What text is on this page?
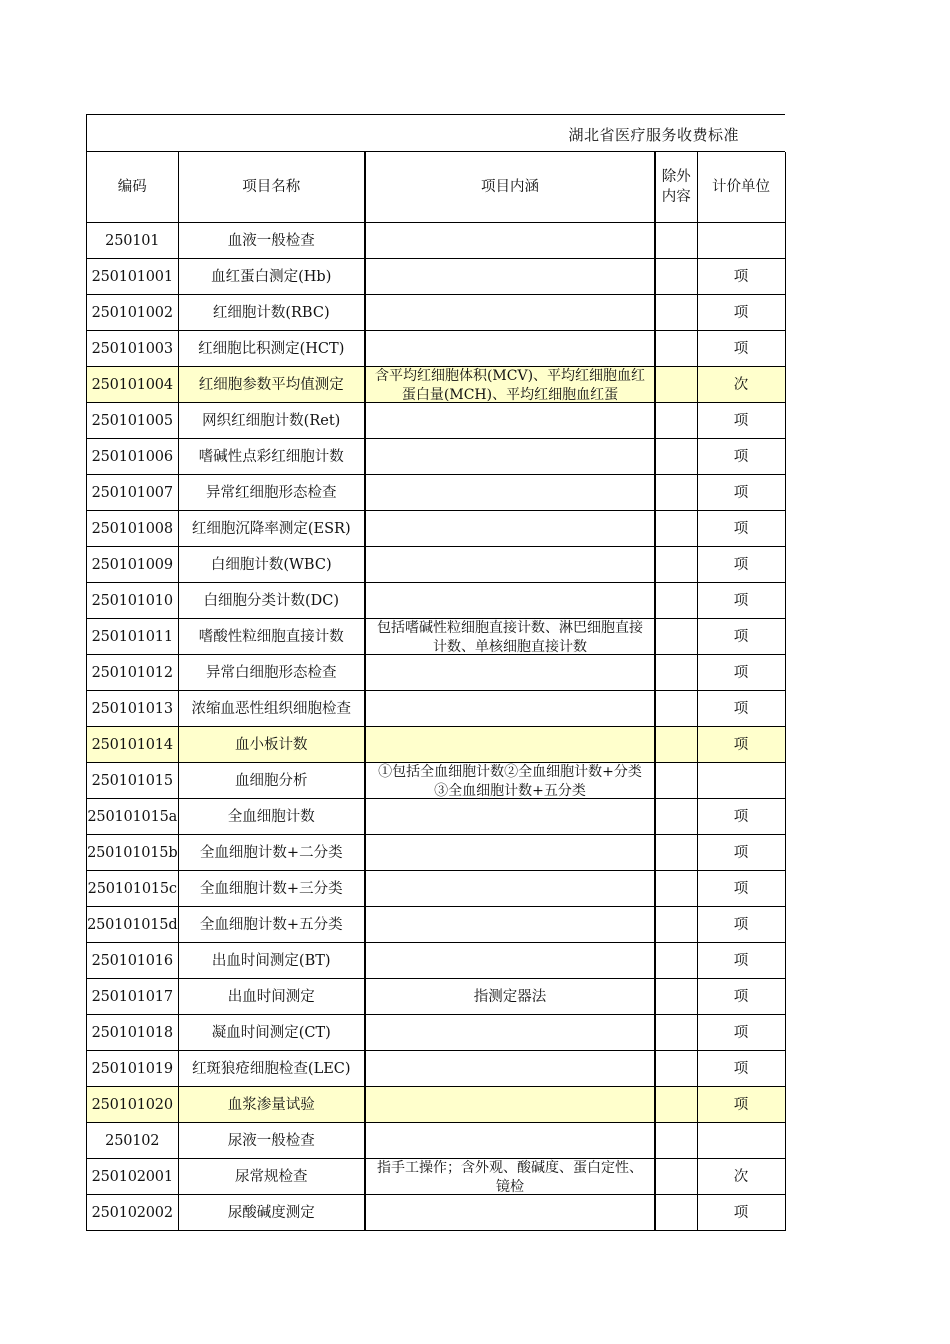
湖北省医疗服务收费标准
编码	项目名称	项目内涵	除外内容	计价单位
250101	血液一般检查			
250101001	血红蛋白测定(Hb)			项
250101002	红细胞计数(RBC)			项
250101003	红细胞比积测定(HCT)			项
250101004	红细胞参数平均值测定	含平均红细胞体积(MCV)、平均红细胞血红蛋白量(MCH)、平均红细胞血红蛋		次
250101005	网织红细胞计数(Ret)			项
250101006	嗜碱性点彩红细胞计数			项
250101007	异常红细胞形态检查			项
250101008	红细胞沉降率测定(ESR)			项
250101009	白细胞计数(WBC)			项
250101010	白细胞分类计数(DC)			项
250101011	嗜酸性粒细胞直接计数	包括嗜碱性粒细胞直接计数、淋巴细胞直接计数、单核细胞直接计数		项
250101012	异常白细胞形态检查			项
250101013	浓缩血恶性组织细胞检查			项
250101014	血小板计数			项
250101015	血细胞分析	①包括全血细胞计数②全血细胞计数+分类③全血细胞计数+五分类		

250101015a	全血细胞计数			项
250101015b	全血细胞计数+二分类			项
250101015c	全血细胞计数+三分类			项
250101015d	全血细胞计数+五分类			项
250101016	出血时间测定(BT)			项
250101017	出血时间测定	指测定器法		项
250101018	凝血时间测定(CT)			项
250101019	红斑狼疮细胞检查(LEC)			项
250101020	血浆渗量试验			项
250102	尿液一般检查			
250102001	尿常规检查	指手工操作；含外观、酸碱度、蛋白定性、镜检		次
250102002	尿酸碱度测定			项
